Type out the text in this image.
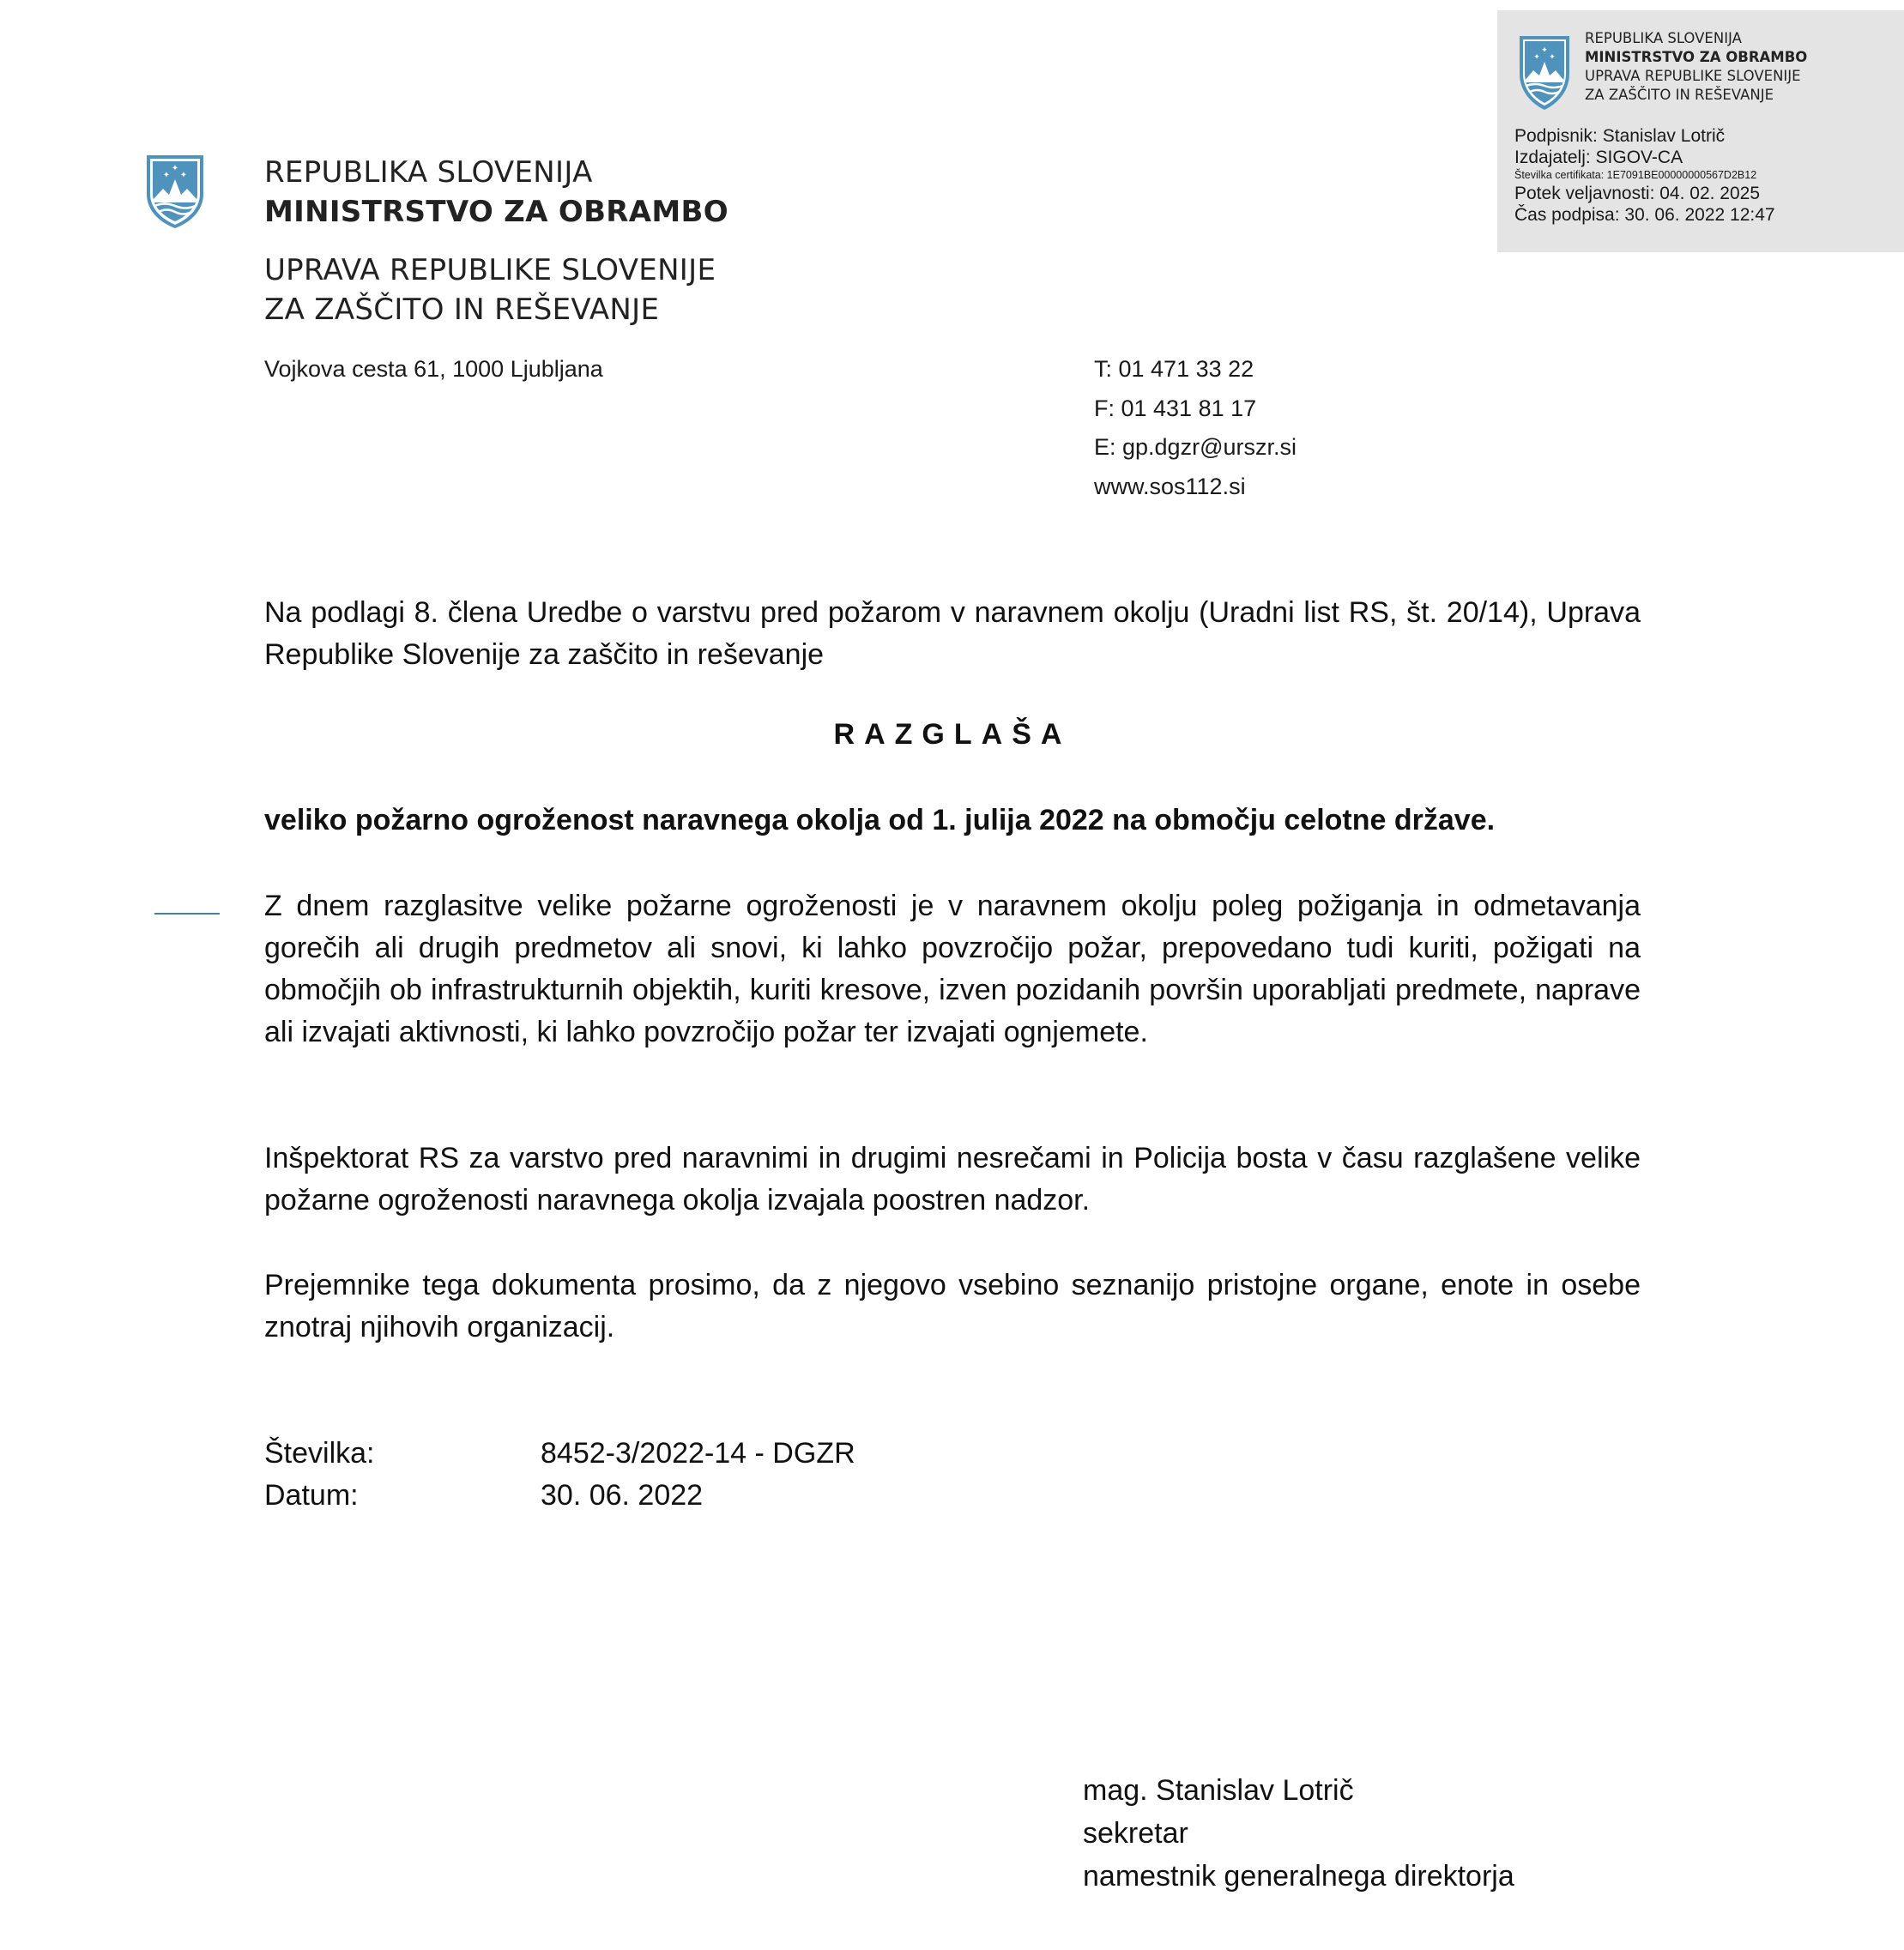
✦
✦ ✦
REPUBLIKA SLOVENIJA
MINISTRSTVO ZA OBRAMBO
UPRAVA REPUBLIKE SLOVENIJE
ZA ZAŠČITO IN REŠEVANJE
Podpisnik: Stanislav Lotrič
Izdajatelj: SIGOV-CA
Številka certifikata: 1E7091BE00000000567D2B12
Potek veljavnosti: 04. 02. 2025
Čas podpisa: 30. 06. 2022 12:47
✦
✦ ✦	REPUBLIKA SLOVENIJA
MINISTRSTVO ZA OBRAMBO
UPRAVA REPUBLIKE SLOVENIJE
ZA ZAŠČITO IN REŠEVANJE
Vojkova cesta 61, 1000 Ljubljana	T: 01 471 33 22
F: 01 431 81 17
E: gp.dgzr@urszr.si
www.sos112.si
Na podlagi 8. člena Uredbe o varstvu pred požarom v naravnem okolju (Uradni list RS, št. 20/14), Uprava Republike Slovenije za zaščito in reševanje
RAZGLAŠA
veliko požarno ogroženost naravnega okolja od 1. julija 2022 na območju celotne države.
Z dnem razglasitve velike požarne ogroženosti je v naravnem okolju poleg požiganja in odmetavanja gorečih ali drugih predmetov ali snovi, ki lahko povzročijo požar, prepovedano tudi kuriti, požigati na območjih ob infrastrukturnih objektih, kuriti kresove, izven pozidanih površin uporabljati predmete, naprave ali izvajati aktivnosti, ki lahko povzročijo požar ter izvajati ognjemete.
Inšpektorat RS za varstvo pred naravnimi in drugimi nesrečami in Policija bosta v času razglašene velike požarne ogroženosti naravnega okolja izvajala poostren nadzor.
Prejemnike tega dokumenta prosimo, da z njegovo vsebino seznanijo pristojne organe, enote in osebe znotraj njihovih organizacij.
Številka:	8452-3/2022-14 - DGZR
Datum:	30. 06. 2022
mag. Stanislav Lotrič
sekretar
namestnik generalnega direktorja
